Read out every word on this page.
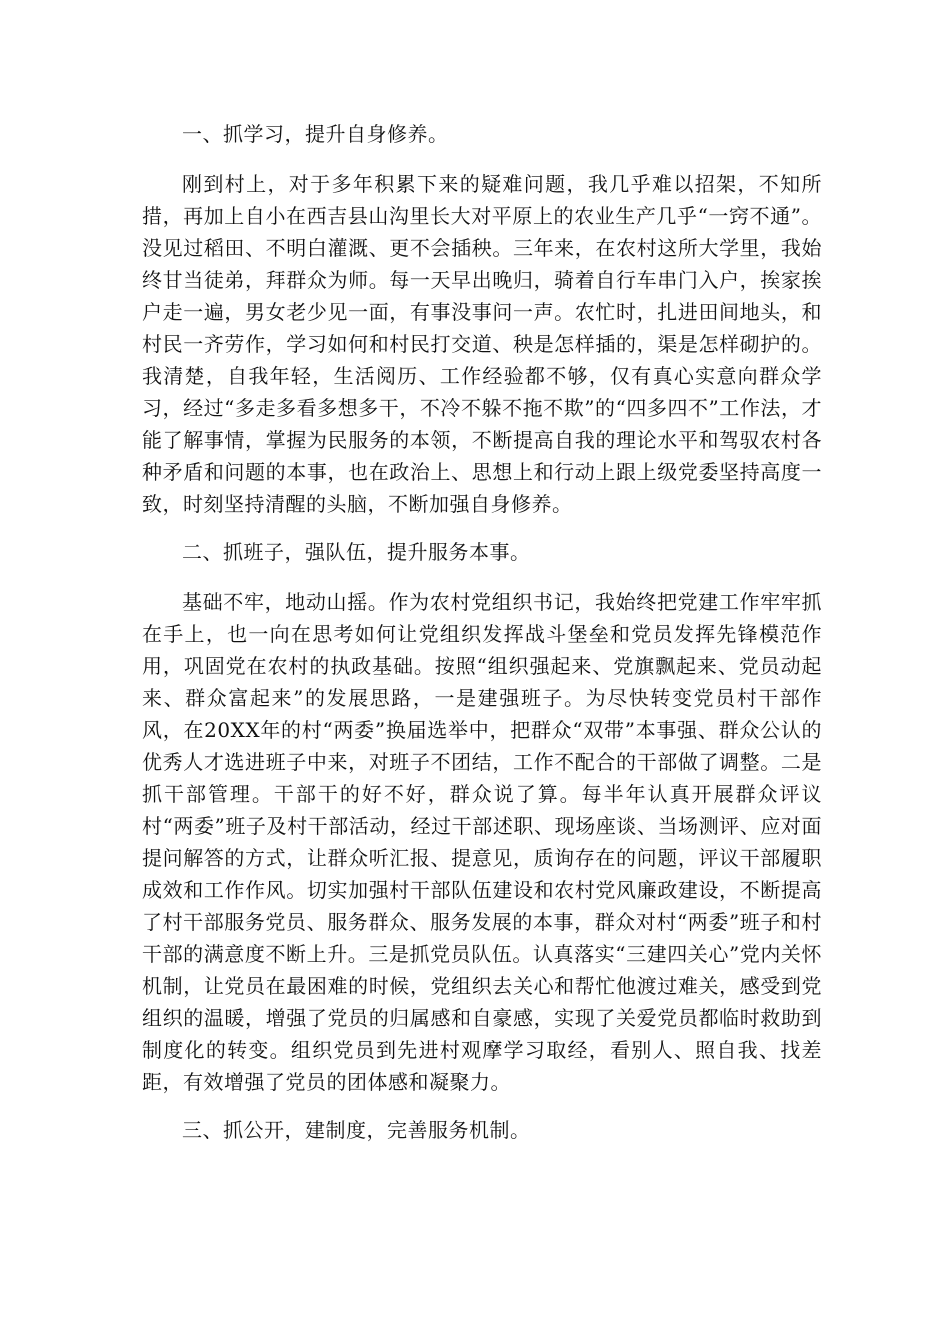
一、抓学习，提升自身修养。

刚到村上，对于多年积累下来的疑难问题，我几乎难以招架，不知所措，再加上自小在西吉县山沟里长大对平原上的农业生产几乎“一窍不通”。没见过稻田、不明白灌溉、更不会插秧。三年来，在农村这所大学里，我始终甘当徒弟，拜群众为师。每一天早出晚归，骑着自行车串门入户，挨家挨户走一遍，男女老少见一面，有事没事问一声。农忙时，扎进田间地头，和村民一齐劳作，学习如何和村民打交道、秧是怎样插的，渠是怎样砌护的。我清楚，自我年轻，生活阅历、工作经验都不够，仅有真心实意向群众学习，经过“多走多看多想多干，不冷不躲不拖不欺”的“四多四不”工作法，才能了解事情，掌握为民服务的本领，不断提高自我的理论水平和驾驭农村各种矛盾和问题的本事，也在政治上、思想上和行动上跟上级党委坚持高度一致，时刻坚持清醒的头脑，不断加强自身修养。

二、抓班子，强队伍，提升服务本事。

基础不牢，地动山摇。作为农村党组织书记，我始终把党建工作牢牢抓在手上，也一向在思考如何让党组织发挥战斗堡垒和党员发挥先锋模范作用，巩固党在农村的执政基础。按照“组织强起来、党旗飘起来、党员动起来、群众富起来”的发展思路，一是建强班子。为尽快转变党员村干部作风，在20XX年的村“两委”换届选举中，把群众“双带”本事强、群众公认的优秀人才选进班子中来，对班子不团结，工作不配合的干部做了调整。二是抓干部管理。干部干的好不好，群众说了算。每半年认真开展群众评议村“两委”班子及村干部活动，经过干部述职、现场座谈、当场测评、应对面提问解答的方式，让群众听汇报、提意见，质询存在的问题，评议干部履职成效和工作作风。切实加强村干部队伍建设和农村党风廉政建设，不断提高了村干部服务党员、服务群众、服务发展的本事，群众对村“两委”班子和村干部的满意度不断上升。三是抓党员队伍。认真落实“三建四关心”党内关怀机制，让党员在最困难的时候，党组织去关心和帮忙他渡过难关，感受到党组织的温暖，增强了党员的归属感和自豪感，实现了关爱党员都临时救助到制度化的转变。组织党员到先进村观摩学习取经，看别人、照自我、找差距，有效增强了党员的团体感和凝聚力。

三、抓公开，建制度，完善服务机制。
